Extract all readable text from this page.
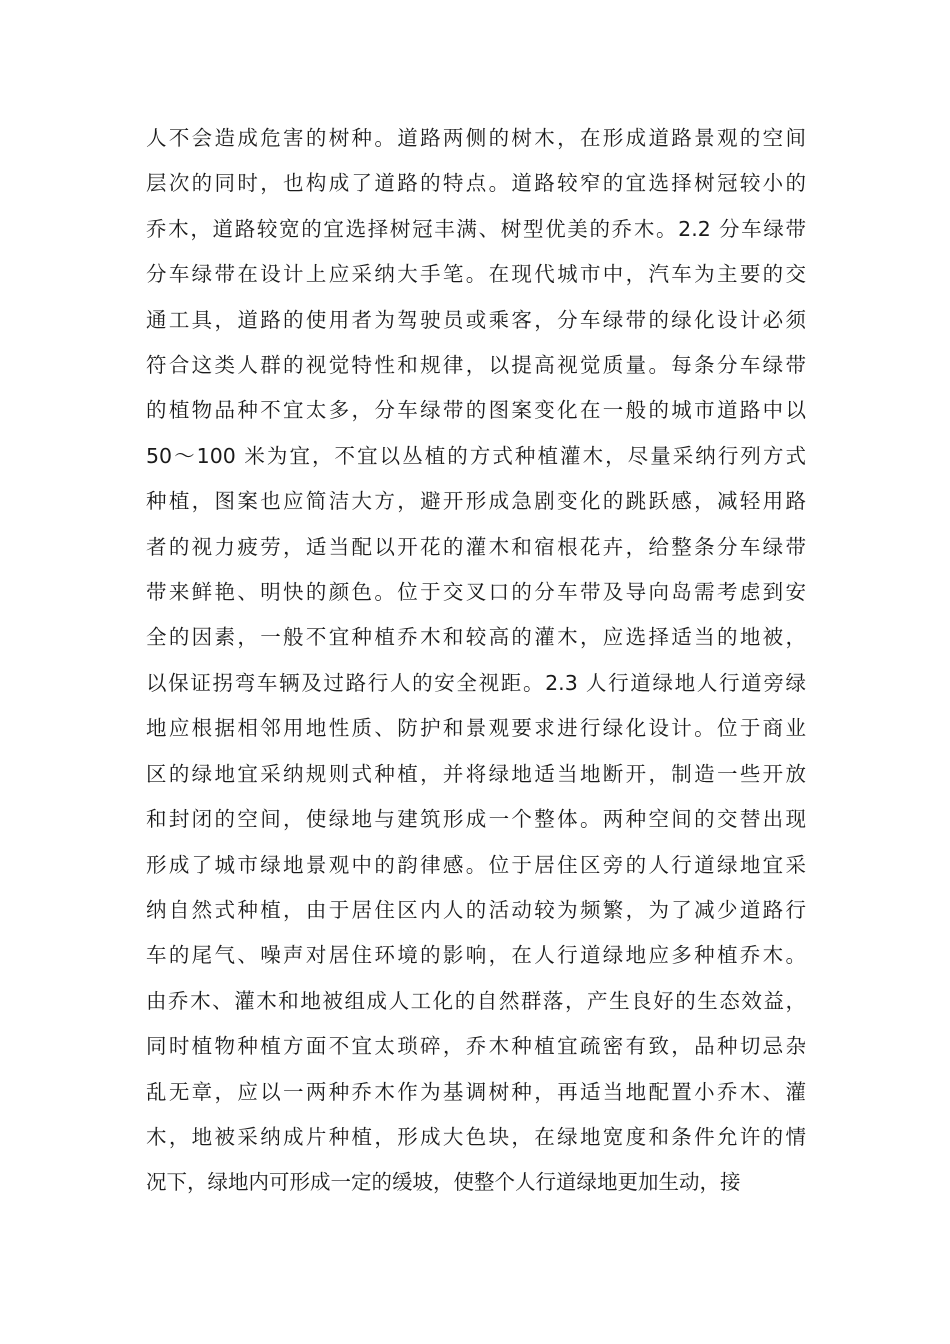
人不会造成危害的树种。道路两侧的树木，在形成道路景观的空间
层次的同时，也构成了道路的特点。道路较窄的宜选择树冠较小的
乔木，道路较宽的宜选择树冠丰满、树型优美的乔木。2.2 分车绿带
分车绿带在设计上应采纳大手笔。在现代城市中，汽车为主要的交
通工具，道路的使用者为驾驶员或乘客，分车绿带的绿化设计必须
符合这类人群的视觉特性和规律，以提高视觉质量。每条分车绿带
的植物品种不宜太多，分车绿带的图案变化在一般的城市道路中以
50～100 米为宜，不宜以丛植的方式种植灌木，尽量采纳行列方式
种植，图案也应简洁大方，避开形成急剧变化的跳跃感，减轻用路
者的视力疲劳，适当配以开花的灌木和宿根花卉，给整条分车绿带
带来鲜艳、明快的颜色。位于交叉口的分车带及导向岛需考虑到安
全的因素，一般不宜种植乔木和较高的灌木，应选择适当的地被，
以保证拐弯车辆及过路行人的安全视距。2.3 人行道绿地人行道旁绿
地应根据相邻用地性质、防护和景观要求进行绿化设计。位于商业
区的绿地宜采纳规则式种植，并将绿地适当地断开，制造一些开放
和封闭的空间，使绿地与建筑形成一个整体。两种空间的交替出现
形成了城市绿地景观中的韵律感。位于居住区旁的人行道绿地宜采
纳自然式种植，由于居住区内人的活动较为频繁，为了减少道路行
车的尾气、噪声对居住环境的影响，在人行道绿地应多种植乔木。
由乔木、灌木和地被组成人工化的自然群落，产生良好的生态效益，
同时植物种植方面不宜太琐碎，乔木种植宜疏密有致，品种切忌杂
乱无章，应以一两种乔木作为基调树种，再适当地配置小乔木、灌
木，地被采纳成片种植，形成大色块，在绿地宽度和条件允许的情
况下，绿地内可形成一定的缓坡，使整个人行道绿地更加生动，接
